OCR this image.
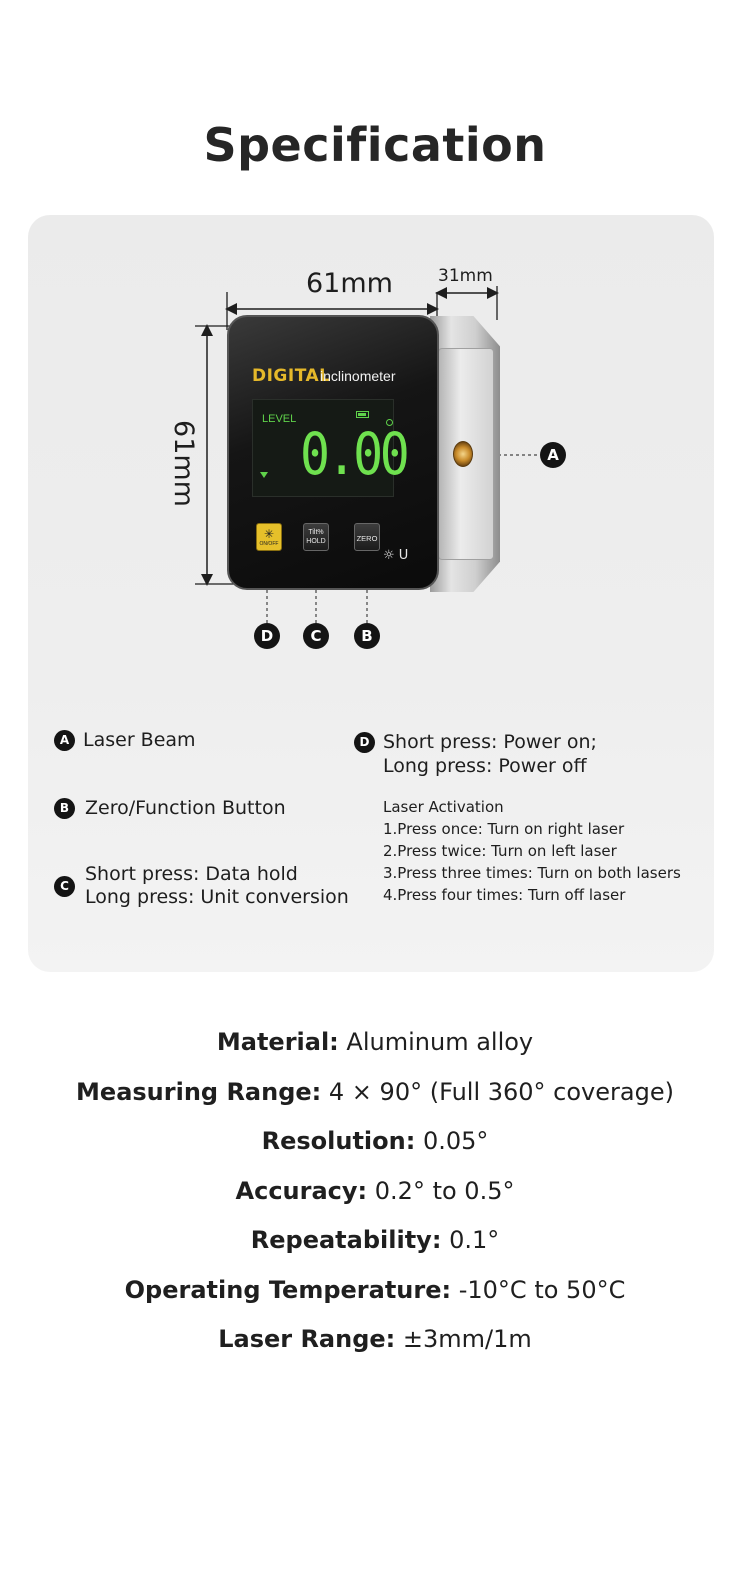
Specification
61mm	31mm
61mm
DIGITAL
inclinometer
LEVEL
0.00
✳
ON/OFF
Tilt%
HOLD	ZERO
☼ U
A
D	C	B
A Laser Beam
B Zero/Function Button
C
Short press: Data hold
Long press: Unit conversion
D Short press: Power on;
Long press: Power off
Laser Activation
1.Press once: Turn on right laser
2.Press twice: Turn on left laser
3.Press three times: Turn on both lasers
4.Press four times: Turn off laser
Material: Aluminum alloy
Measuring Range: 4 × 90° (Full 360° coverage)
Resolution: 0.05°
Accuracy: 0.2° to 0.5°
Repeatability: 0.1°
Operating Temperature: -10°C to 50°C
Laser Range: ±3mm/1m
